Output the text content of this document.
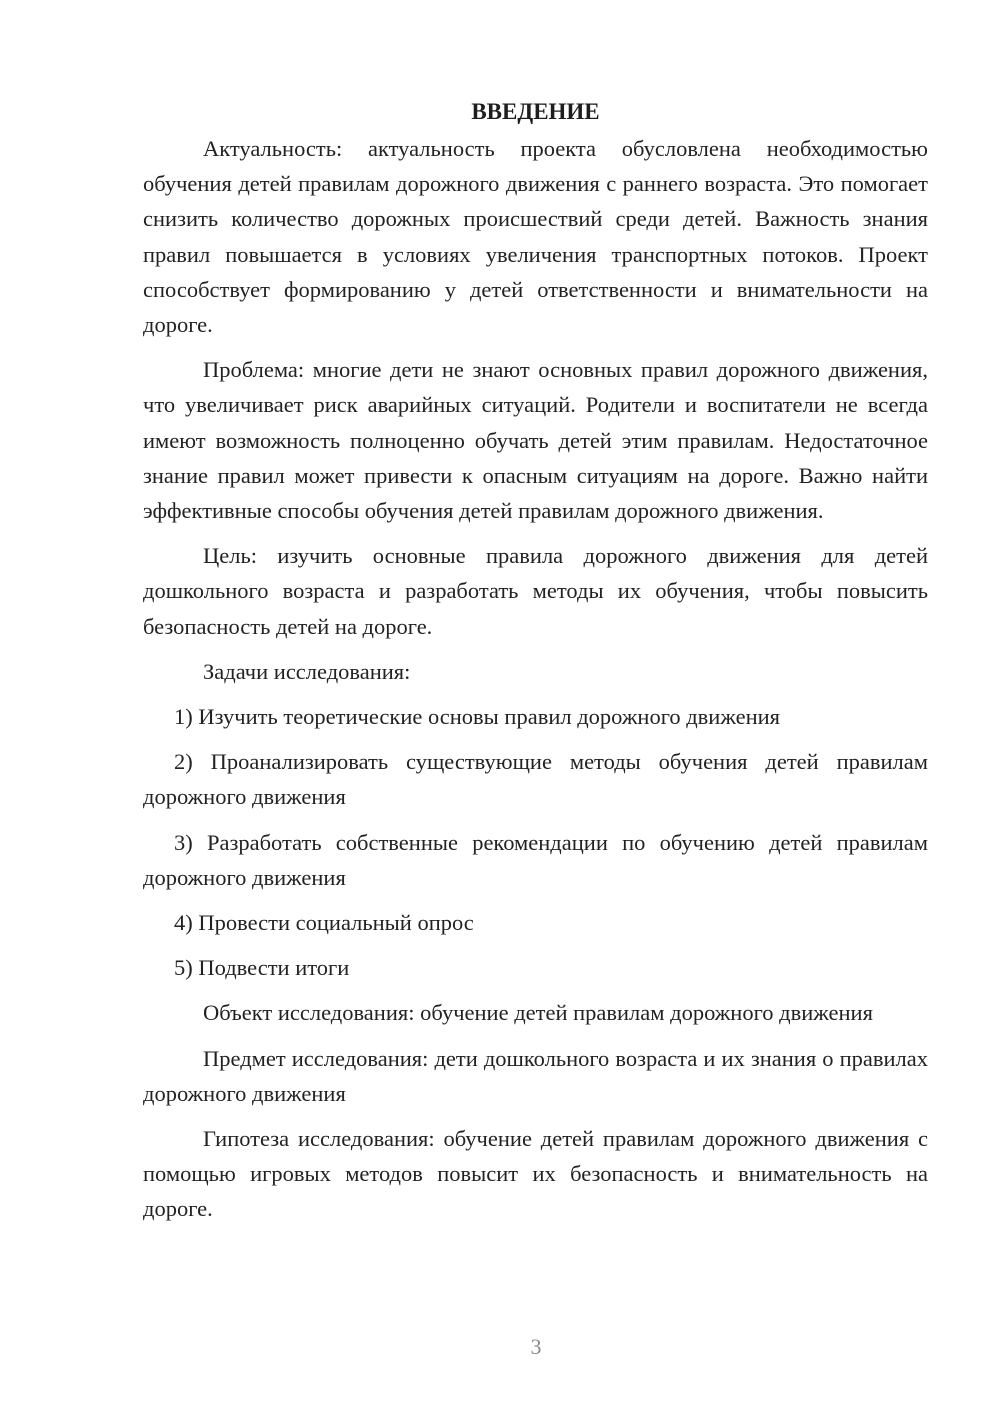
ВВЕДЕНИЕ

Актуальность: актуальность проекта обусловлена необходимостью обучения детей правилам дорожного движения с раннего возраста. Это помогает снизить количество дорожных происшествий среди детей. Важность знания правил повышается в условиях увеличения транспортных потоков. Проект способствует формированию у детей ответственности и внимательности на дороге.

Проблема: многие дети не знают основных правил дорожного движения, что увеличивает риск аварийных ситуаций. Родители и воспитатели не всегда имеют возможность полноценно обучать детей этим правилам. Недостаточное знание правил может привести к опасным ситуациям на дороге. Важно найти эффективные способы обучения детей правилам дорожного движения.

Цель: изучить основные правила дорожного движения для детей дошкольного возраста и разработать методы их обучения, чтобы повысить безопасность детей на дороге.

Задачи исследования:

1) Изучить теоретические основы правил дорожного движения

2) Проанализировать существующие методы обучения детей правилам дорожного движения

3) Разработать собственные рекомендации по обучению детей правилам дорожного движения

4) Провести социальный опрос

5) Подвести итоги

Объект исследования: обучение детей правилам дорожного движения

Предмет исследования: дети дошкольного возраста и их знания о правилах дорожного движения

Гипотеза исследования: обучение детей правилам дорожного движения с помощью игровых методов повысит их безопасность и внимательность на дороге.

3
